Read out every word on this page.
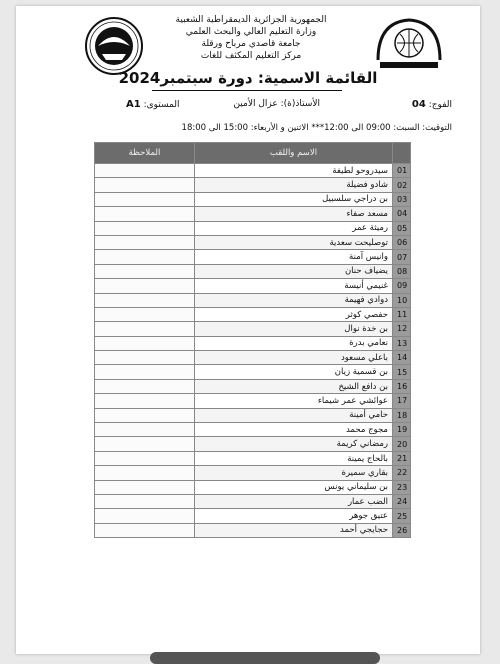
الجمهورية الجزائرية الديمقراطية الشعبية
وزارة التعليم العالي والبحث العلمي
جامعة قاصدي مرباح ورقلة
مركز التعليم المكثف للغات
القائمة الاسمية: دورة سبتمبر2024
الفوج: 04
الأستاذ(ة): عزال الأمين
المستوى: A1
التوقيت: السبت: 09:00 الى 12:00*** الاثنين و الأربعاء: 15:00 الى 18:00
الملاحظة	الاسم واللقب	
	سيدروحو لطيفة	01
	شادو فضيلة	02
	بن دراجي سلسبيل	03
	مسعد صفاء	04
	رميثة عمر	05
	توصليحت سعدية	06
	وانيس آمنة	07
	يضياف حنان	08
	غنيمي أنيسة	09
	دوادي فهيمة	10
	حفصي كوثر	11
	بن خدة نوال	12
	نعامي بدرة	13
	باعلي مسعود	14
	بن قسمية زيان	15
	بن دافع الشيخ	16
	عوائشي عمر شيماء	17
	حامي أمينة	18
	مجوج محمد	19
	رمضاني كريمة	20
	بالحاج يمينة	21
	بقاري سميرة	22
	بن سليماني يونس	23
	الضب عمار	24
	عتيق جوهر	25
	حجايجي أحمد	26
